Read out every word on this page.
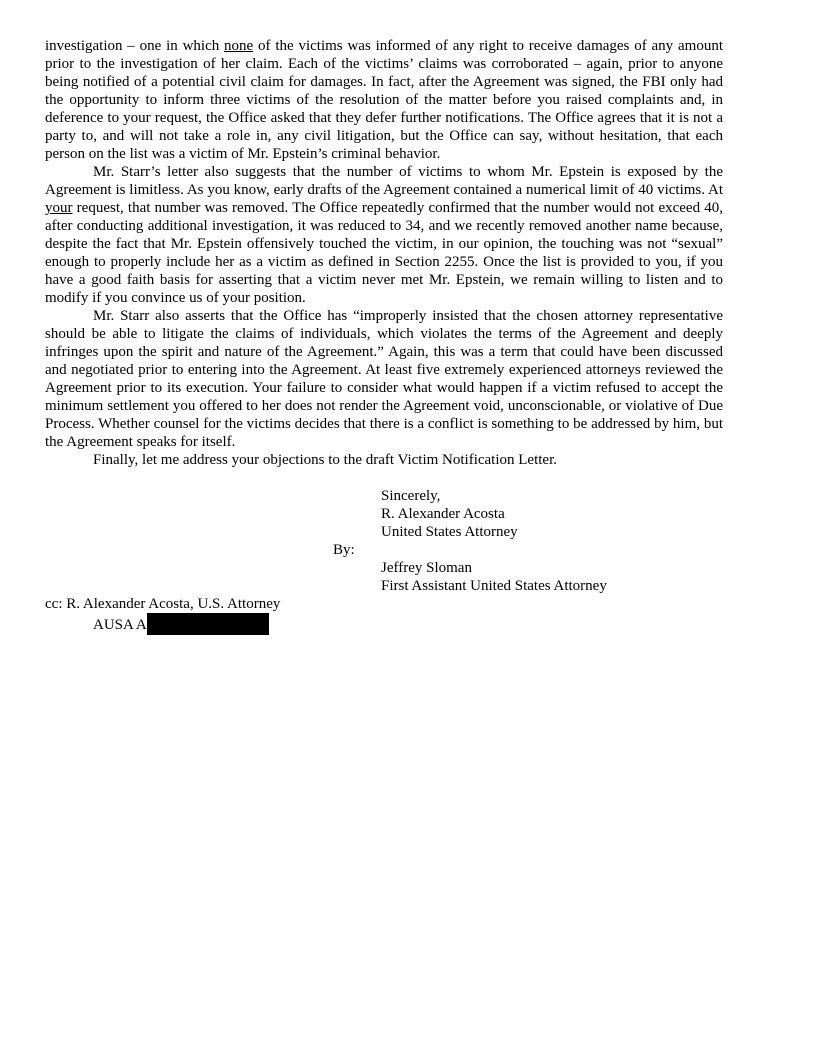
investigation – one in which none of the victims was informed of any right to receive damages of any amount prior to the investigation of her claim. Each of the victims’ claims was corroborated – again, prior to anyone being notified of a potential civil claim for damages. In fact, after the Agreement was signed, the FBI only had the opportunity to inform three victims of the resolution of the matter before you raised complaints and, in deference to your request, the Office asked that they defer further notifications. The Office agrees that it is not a party to, and will not take a role in, any civil litigation, but the Office can say, without hesitation, that each person on the list was a victim of Mr. Epstein’s criminal behavior.

Mr. Starr’s letter also suggests that the number of victims to whom Mr. Epstein is exposed by the Agreement is limitless. As you know, early drafts of the Agreement contained a numerical limit of 40 victims. At your request, that number was removed. The Office repeatedly confirmed that the number would not exceed 40, after conducting additional investigation, it was reduced to 34, and we recently removed another name because, despite the fact that Mr. Epstein offensively touched the victim, in our opinion, the touching was not “sexual” enough to properly include her as a victim as defined in Section 2255. Once the list is provided to you, if you have a good faith basis for asserting that a victim never met Mr. Epstein, we remain willing to listen and to modify if you convince us of your position.

Mr. Starr also asserts that the Office has “improperly insisted that the chosen attorney representative should be able to litigate the claims of individuals, which violates the terms of the Agreement and deeply infringes upon the spirit and nature of the Agreement.” Again, this was a term that could have been discussed and negotiated prior to entering into the Agreement. At least five extremely experienced attorneys reviewed the Agreement prior to its execution. Your failure to consider what would happen if a victim refused to accept the minimum settlement you offered to her does not render the Agreement void, unconscionable, or violative of Due Process. Whether counsel for the victims decides that there is a conflict is something to be addressed by him, but the Agreement speaks for itself.

Finally, let me address your objections to the draft Victim Notification Letter.

Sincerely,
R. Alexander Acosta
United States Attorney
By:
Jeffrey Sloman
First Assistant United States Attorney
cc: R. Alexander Acosta, U.S. Attorney
AUSA A
